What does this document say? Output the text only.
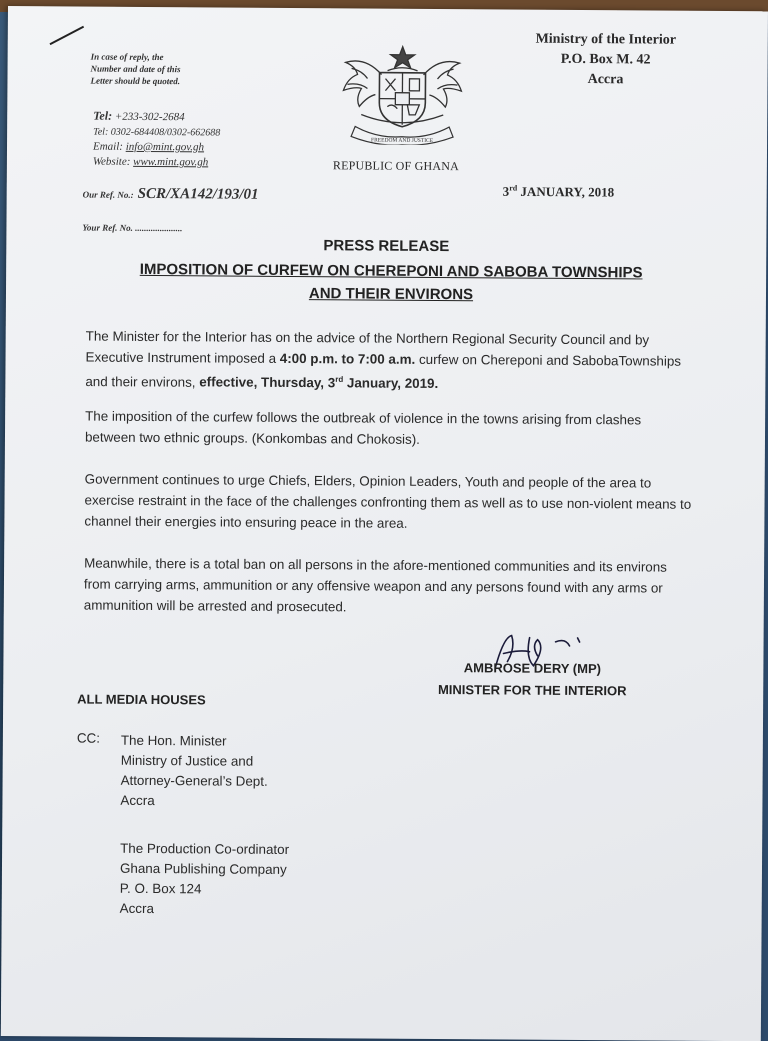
In case of reply, the
Number and date of this
Letter should be quoted.
FREEDOM AND JUSTICE
Ministry of the Interior
P.O. Box M. 42
Accra
Tel: +233-302-2684
Tel: 0302-684408/0302-662688
Email: info@mint.gov.gh
Website: www.mint.gov.gh	REPUBLIC OF GHANA
Our Ref. No.: SCR/XA142/193/01
Your Ref. No. .....................
3rd JANUARY, 2018
PRESS RELEASE
IMPOSITION OF CURFEW ON CHEREPONI AND SABOBA TOWNSHIPS
AND THEIR ENVIRONS
The Minister for the Interior has on the advice of the Northern Regional Security Council and by Executive Instrument imposed a 4:00 p.m. to 7:00 a.m. curfew on Chereponi and SabobaTownships and their environs, effective, Thursday, 3rd January, 2019.
The imposition of the curfew follows the outbreak of violence in the towns arising from clashes between two ethnic groups. (Konkombas and Chokosis).
Government continues to urge Chiefs, Elders, Opinion Leaders, Youth and people of the area to exercise restraint in the face of the challenges confronting them as well as to use non-violent means to channel their energies into ensuring peace in the area.
Meanwhile, there is a total ban on all persons in the afore-mentioned communities and its environs from carrying arms, ammunition or any offensive weapon and any persons found with any arms or ammunition will be arrested and prosecuted.
AMBROSE DERY (MP)
MINISTER FOR THE INTERIOR
ALL MEDIA HOUSES
CC: The Hon. Minister
Ministry of Justice and
Attorney-General’s Dept.
Accra
The Production Co-ordinator
Ghana Publishing Company
P. O. Box 124
Accra
